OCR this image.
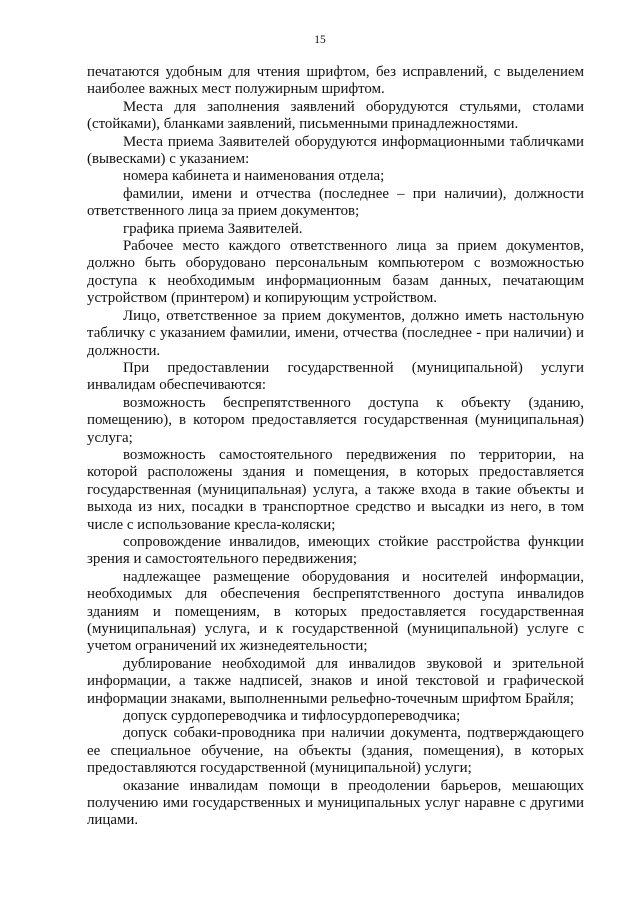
15

печатаются удобным для чтения шрифтом, без исправлений, с выделением наиболее важных мест полужирным шрифтом.

Места для заполнения заявлений оборудуются стульями, столами (стойками), бланками заявлений, письменными принадлежностями.

Места приема Заявителей оборудуются информационными табличками (вывесками) с указанием:

номера кабинета и наименования отдела;

фамилии, имени и отчества (последнее – при наличии), должности ответственного лица за прием документов;

графика приема Заявителей.

Рабочее место каждого ответственного лица за прием документов, должно быть оборудовано персональным компьютером с возможностью доступа к необходимым информационным базам данных, печатающим устройством (принтером) и копирующим устройством.

Лицо, ответственное за прием документов, должно иметь настольную табличку с указанием фамилии, имени, отчества (последнее - при наличии) и должности.

При предоставлении государственной (муниципальной) услуги инвалидам обеспечиваются:

возможность беспрепятственного доступа к объекту (зданию, помещению), в котором предоставляется государственная (муниципальная) услуга;

возможность самостоятельного передвижения по территории, на которой расположены здания и помещения, в которых предоставляется государственная (муниципальная) услуга, а также входа в такие объекты и выхода из них, посадки в транспортное средство и высадки из него, в том числе с использование кресла-коляски;

сопровождение инвалидов, имеющих стойкие расстройства функции зрения и самостоятельного передвижения;

надлежащее размещение оборудования и носителей информации, необходимых для обеспечения беспрепятственного доступа инвалидов зданиям и помещениям, в которых предоставляется государственная (муниципальная) услуга, и к государственной (муниципальной) услуге с учетом ограничений их жизнедеятельности;

дублирование необходимой для инвалидов звуковой и зрительной информации, а также надписей, знаков и иной текстовой и графической информации знаками, выполненными рельефно-точечным шрифтом Брайля;

допуск сурдопереводчика и тифлосурдопереводчика;

допуск собаки-проводника при наличии документа, подтверждающего ее специальное обучение, на объекты (здания, помещения), в которых предоставляются государственной (муниципальной) услуги;

оказание инвалидам помощи в преодолении барьеров, мешающих получению ими государственных и муниципальных услуг наравне с другими лицами.
